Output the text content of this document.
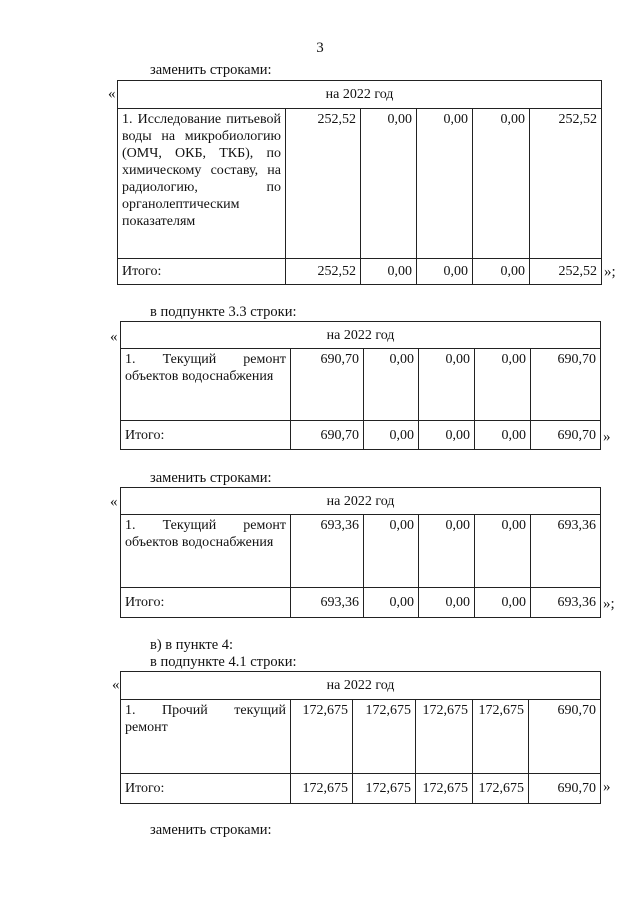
3
заменить строками:
«	на 2022 год					
1. Исследование питьевой воды на микробиологию (ОМЧ, ОКБ, ТКБ), по химическому составу, на радиологию, по органолептическим показателям	252,52	0,00	0,00	0,00	252,52
Итого:	252,52	0,00	0,00	0,00	252,52 »;
в подпункте 3.3 строки:
«	на 2022 год					
1. Текущий ремонт объектов водоснабжения	690,70	0,00	0,00	0,00	690,70
Итого:	690,70	0,00	0,00	0,00	690,70 »
заменить строками:
«	на 2022 год					
1. Текущий ремонт объектов водоснабжения	693,36	0,00	0,00	0,00	693,36
Итого:	693,36	0,00	0,00	0,00	693,36 »;
в) в пункте 4:
в подпункте 4.1 строки:
«	на 2022 год					
1. Прочий текущий ремонт	172,675	172,675	172,675	172,675	690,70
Итого:	172,675	172,675	172,675	172,675	690,70 »
заменить строками:
